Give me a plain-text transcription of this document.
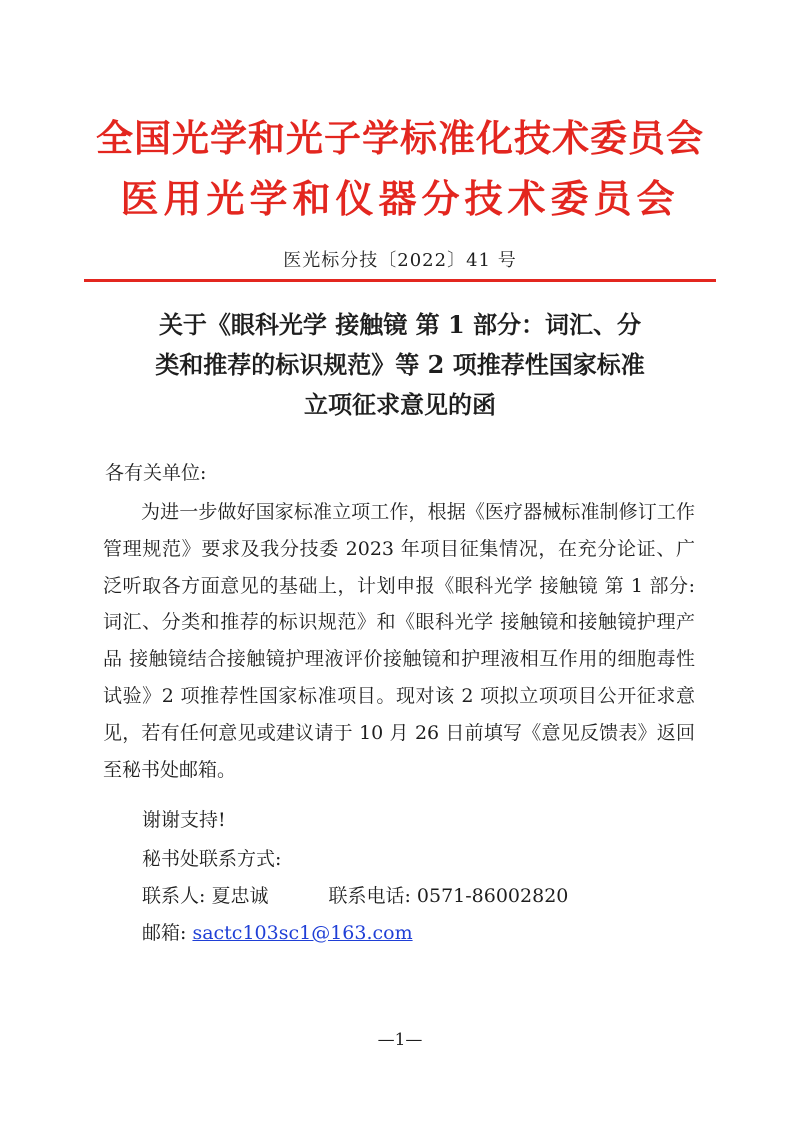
全国光学和光子学标准化技术委员会
医用光学和仪器分技术委员会
医光标分技〔2022〕41 号
关于《眼科光学 接触镜 第 1 部分：词汇、分
类和推荐的标识规范》等 2 项推荐性国家标准
立项征求意见的函
各有关单位:

为进一步做好国家标准立项工作，根据《医疗器械标准制修订工作管理规范》要求及我分技委 2023 年项目征集情况，在充分论证、广泛听取各方面意见的基础上，计划申报《眼科光学 接触镜 第 1 部分: 词汇、分类和推荐的标识规范》和《眼科光学 接触镜和接触镜护理产品 接触镜结合接触镜护理液评价接触镜和护理液相互作用的细胞毒性试验》2 项推荐性国家标准项目。现对该 2 项拟立项项目公开征求意见，若有任何意见或建议请于 10 月 26 日前填写《意见反馈表》返回至秘书处邮箱。

谢谢支持!
秘书处联系方式:
联系人: 夏忠诚	联系电话: 0571-86002820
邮箱: sactc103sc1@163.com
—1—
